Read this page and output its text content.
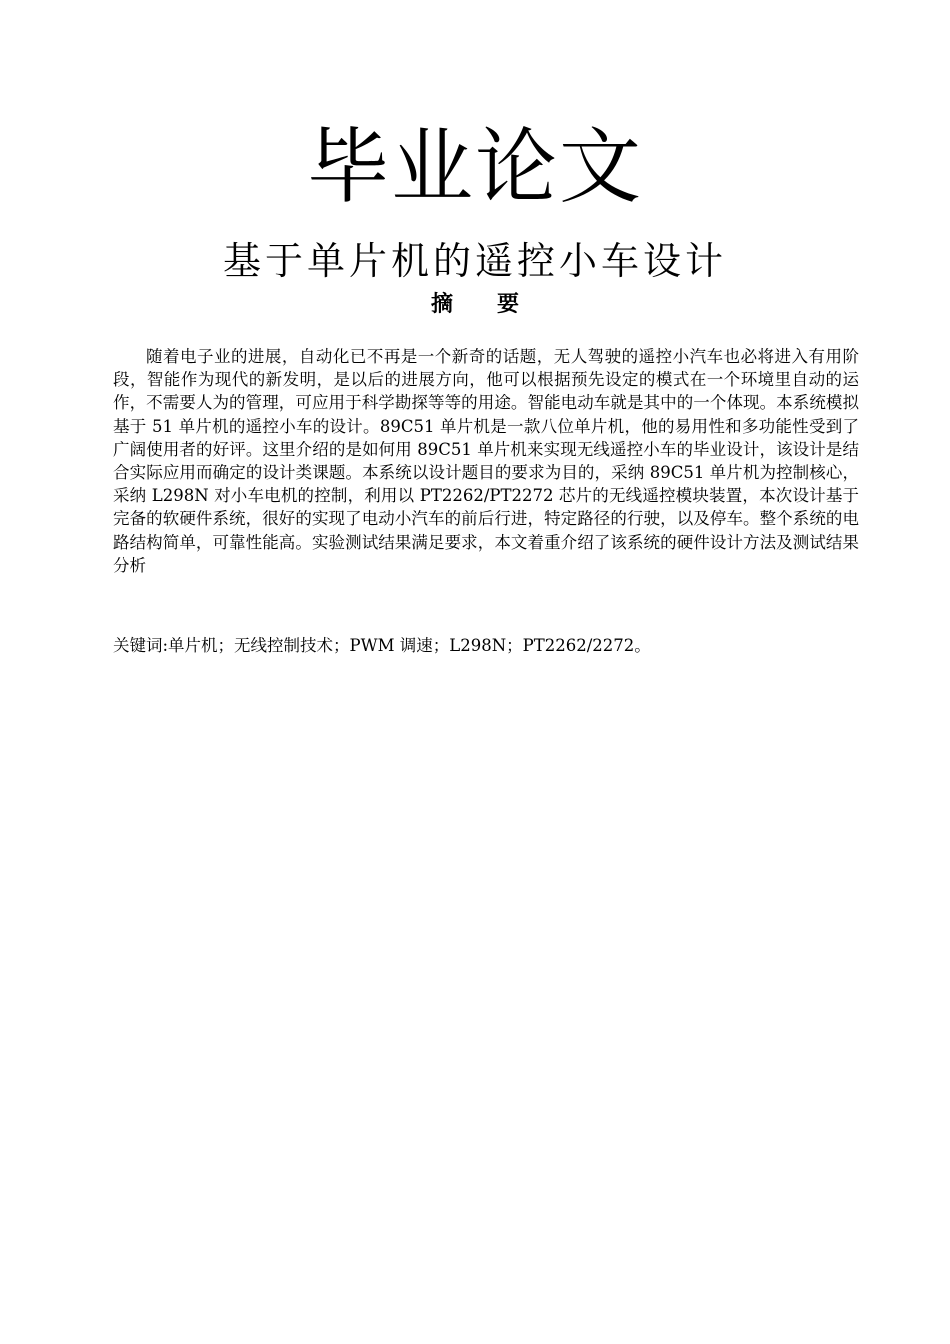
毕业论文
基于单片机的遥控小车设计
摘 要

随着电子业的进展，自动化已不再是一个新奇的话题，无人驾驶的遥控小汽车也必将进入有用阶段，智能作为现代的新发明，是以后的进展方向，他可以根据预先设定的模式在一个环境里自动的运作，不需要人为的管理，可应用于科学勘探等等的用途。智能电动车就是其中的一个体现。本系统模拟基于 51 单片机的遥控小车的设计。89C51 单片机是一款八位单片机，他的易用性和多功能性受到了广阔使用者的好评。这里介绍的是如何用 89C51 单片机来实现无线遥控小车的毕业设计，该设计是结合实际应用而确定的设计类课题。本系统以设计题目的要求为目的，采纳 89C51 单片机为控制核心，采纳 L298N 对小车电机的控制，利用以 PT2262/PT2272 芯片的无线遥控模块装置，本次设计基于完备的软硬件系统，很好的实现了电动小汽车的前后行进，特定路径的行驶，以及停车。整个系统的电路结构简单，可靠性能高。实验测试结果满足要求，本文着重介绍了该系统的硬件设计方法及测试结果分析

关键词:单片机；无线控制技术；PWM 调速；L298N；PT2262/2272。
